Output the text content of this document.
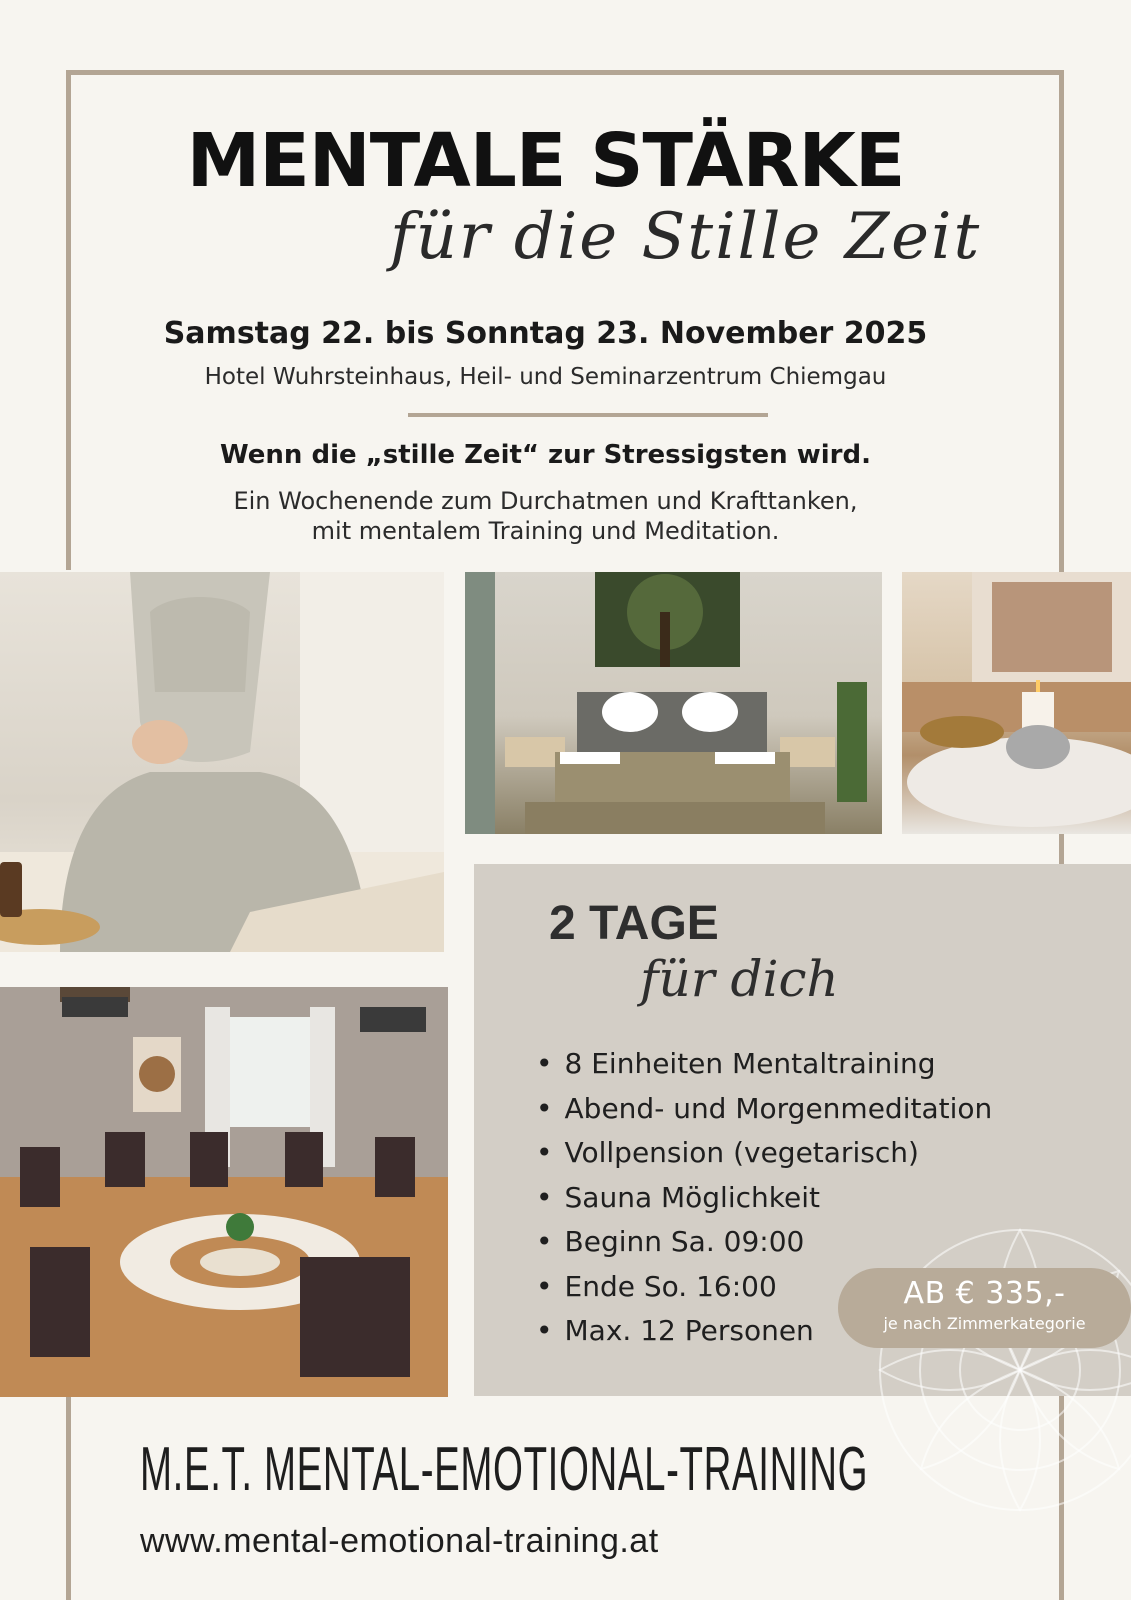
MENTALE STÄRKE
für die Stille Zeit
Samstag 22. bis Sonntag 23. November 2025
Hotel Wuhrsteinhaus, Heil- und Seminarzentrum Chiemgau
Wenn die „stille Zeit“ zur Stressigsten wird.
Ein Wochenende zum Durchatmen und Krafttanken,
mit mentalem Training und Meditation.
2 TAGE
für dich
• 8 Einheiten Mentaltraining
• Abend- und Morgenmeditation
• Vollpension (vegetarisch)
• Sauna Möglichkeit
• Beginn Sa. 09:00
• Ende So. 16:00
• Max. 12 Personen
AB € 335,-
je nach Zimmerkategorie
M.E.T. MENTAL-EMOTIONAL-TRAINING
www.mental-emotional-training.at
